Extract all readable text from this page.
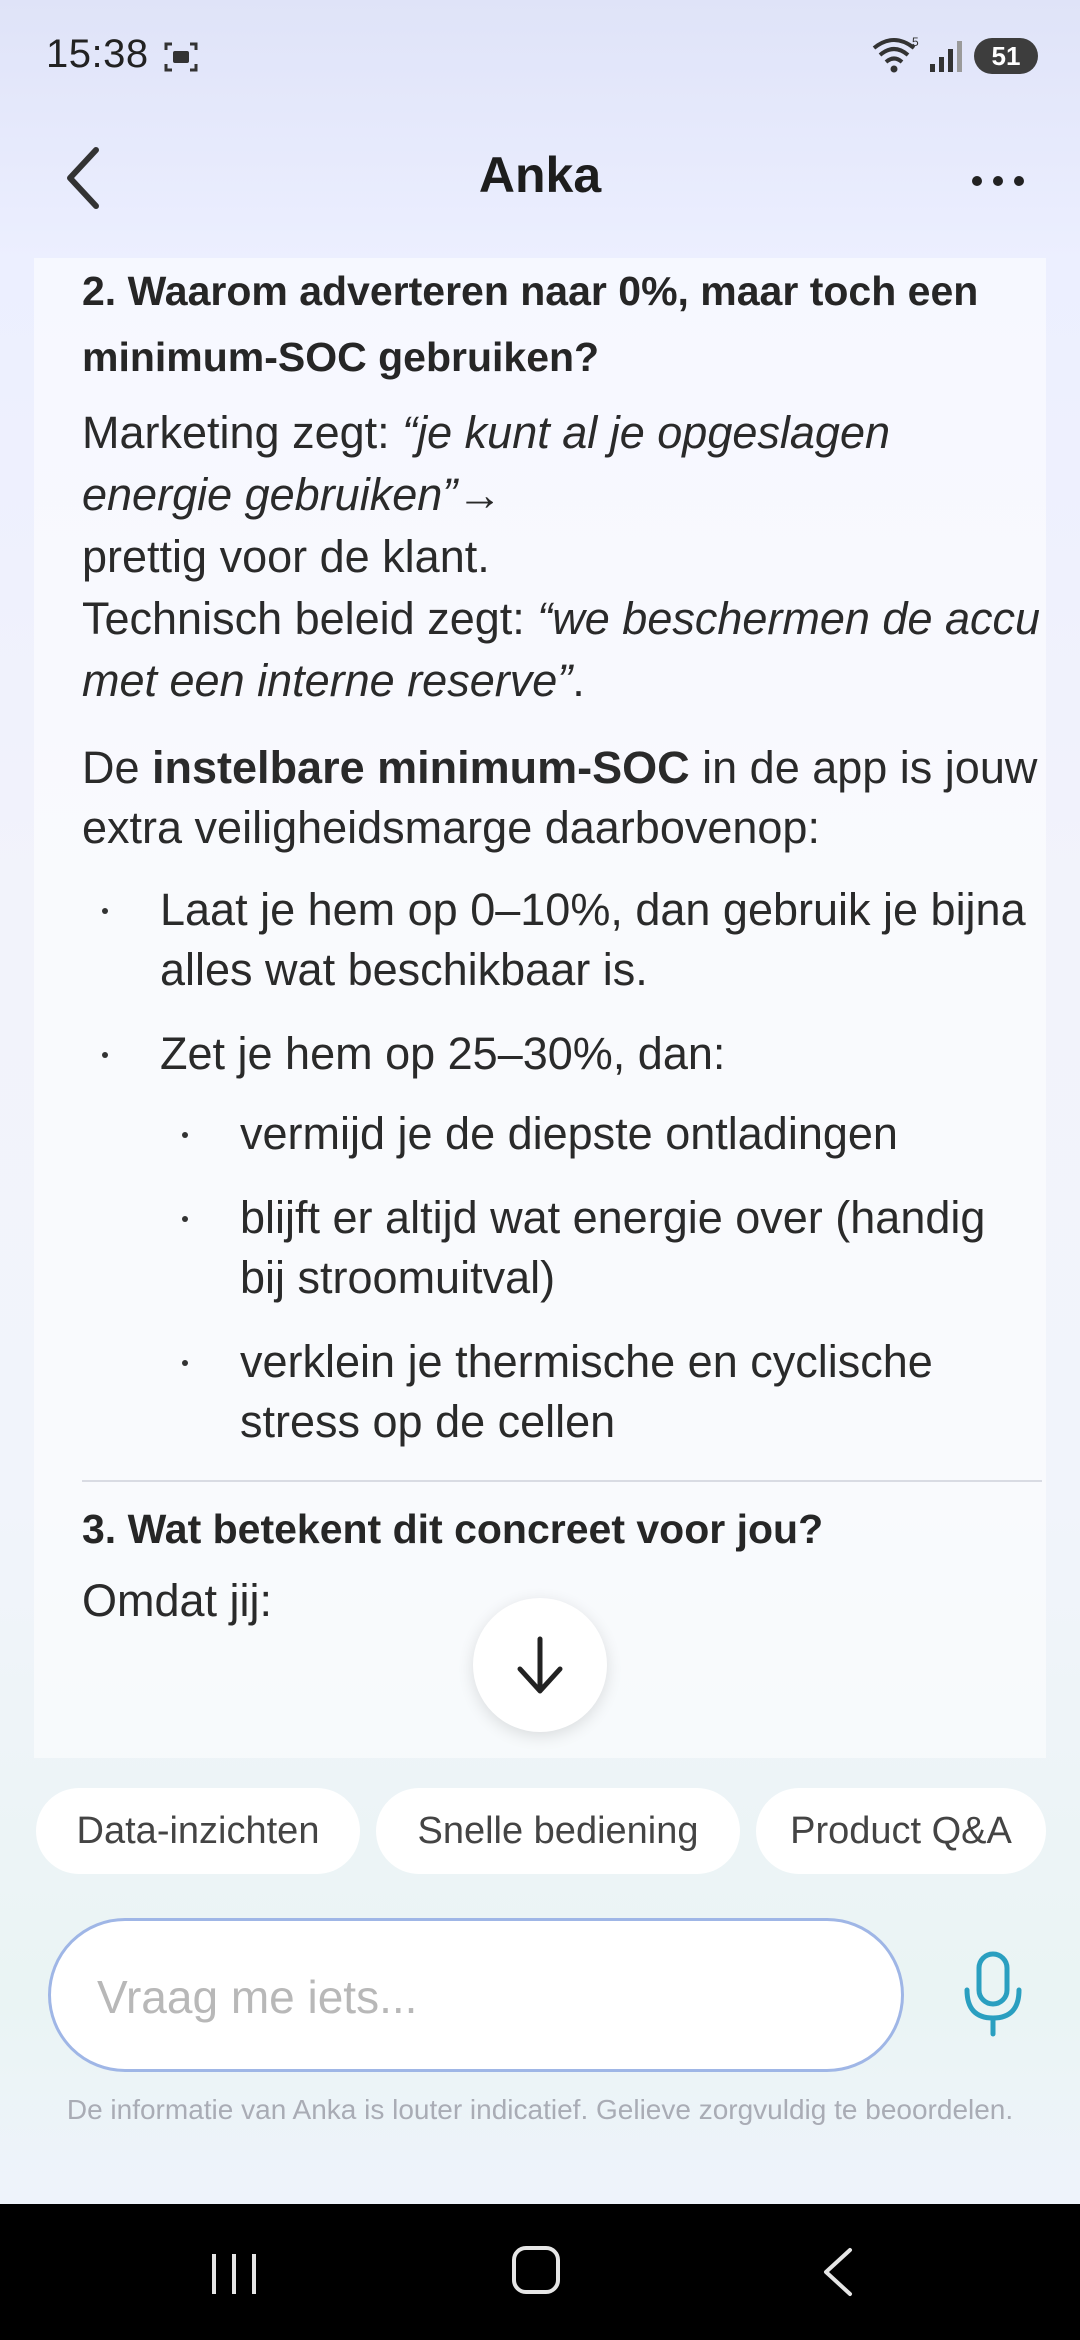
15:38	5	51
Anka

2. Waarom adverteren naar 0%, maar toch een minimum-SOC gebruiken?

Marketing zegt: “je kunt al je opgeslagen energie gebruiken”→
prettig voor de klant.
Technisch beleid zegt: “we beschermen de accu met een interne reserve”.

De instelbare minimum-SOC in de app is jouw extra veiligheidsmarge daarbovenop:

Laat je hem op 0–10%, dan gebruik je bijna alles wat beschikbaar is.
Zet je hem op 25–30%, dan:
vermijd je de diepste ontladingen
blijft er altijd wat energie over (handig bij stroomuitval)
verklein je thermische en cyclische stress op de cellen

3. Wat betekent dit concreet voor jou?

Omdat jij:

Data-inzichten	Snelle bediening	Product Q&A
Vraag me iets...
De informatie van Anka is louter indicatief. Gelieve zorgvuldig te beoordelen.
